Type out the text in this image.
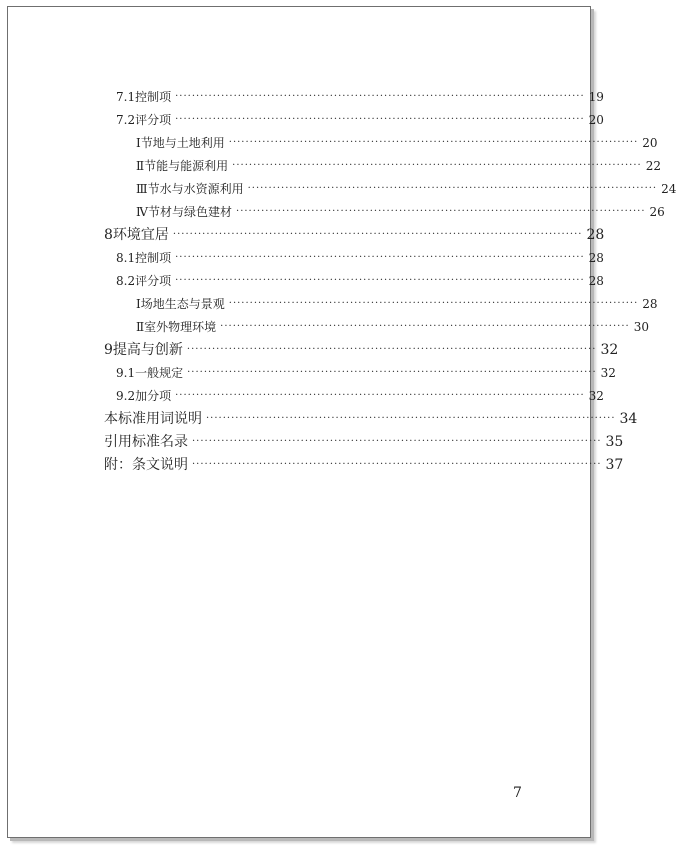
7.1 控制项 ·································································································· 19
7.2 评分项 ·································································································· 20
Ⅰ 节地与土地利用 ·································································································· 20
Ⅱ 节能与能源利用 ·································································································· 22
Ⅲ 节水与水资源利用 ·································································································· 24
Ⅳ 节材与绿色建材 ·································································································· 26
8 环境宜居 ·································································································· 28
8.1 控制项 ·································································································· 28
8.2 评分项 ·································································································· 28
Ⅰ 场地生态与景观 ·································································································· 28
Ⅱ 室外物理环境 ·································································································· 30
9 提高与创新 ·································································································· 32
9.1 一般规定 ·································································································· 32
9.2 加分项 ·································································································· 32
本标准用词说明 ·································································································· 34
引用标准名录 ·································································································· 35
附：条文说明 ·································································································· 37
7
